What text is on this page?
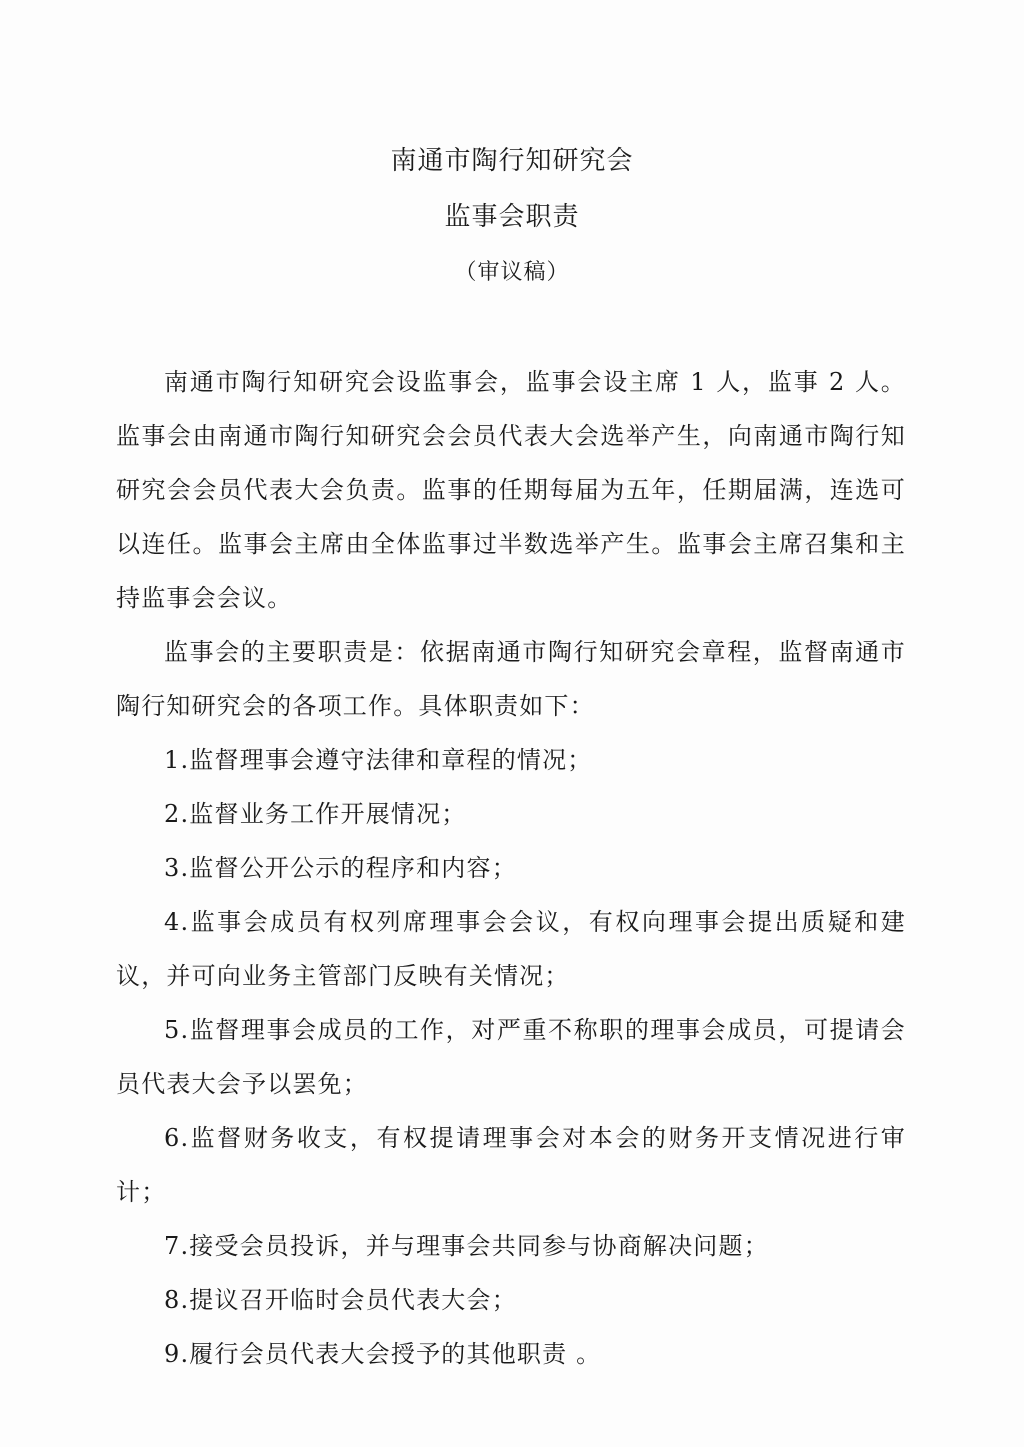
南通市陶行知研究会
监事会职责
（审议稿）

南通市陶行知研究会设监事会，监事会设主席 1 人，监事 2 人。监事会由南通市陶行知研究会会员代表大会选举产生，向南通市陶行知研究会会员代表大会负责。监事的任期每届为五年，任期届满，连选可以连任。监事会主席由全体监事过半数选举产生。监事会主席召集和主持监事会会议。

监事会的主要职责是：依据南通市陶行知研究会章程，监督南通市陶行知研究会的各项工作。具体职责如下：

1.监督理事会遵守法律和章程的情况；

2.监督业务工作开展情况；

3.监督公开公示的程序和内容；

4.监事会成员有权列席理事会会议，有权向理事会提出质疑和建议，并可向业务主管部门反映有关情况；

5.监督理事会成员的工作，对严重不称职的理事会成员，可提请会员代表大会予以罢免；

6.监督财务收支，有权提请理事会对本会的财务开支情况进行审计；

7.接受会员投诉，并与理事会共同参与协商解决问题；

8.提议召开临时会员代表大会；

9.履行会员代表大会授予的其他职责 。
